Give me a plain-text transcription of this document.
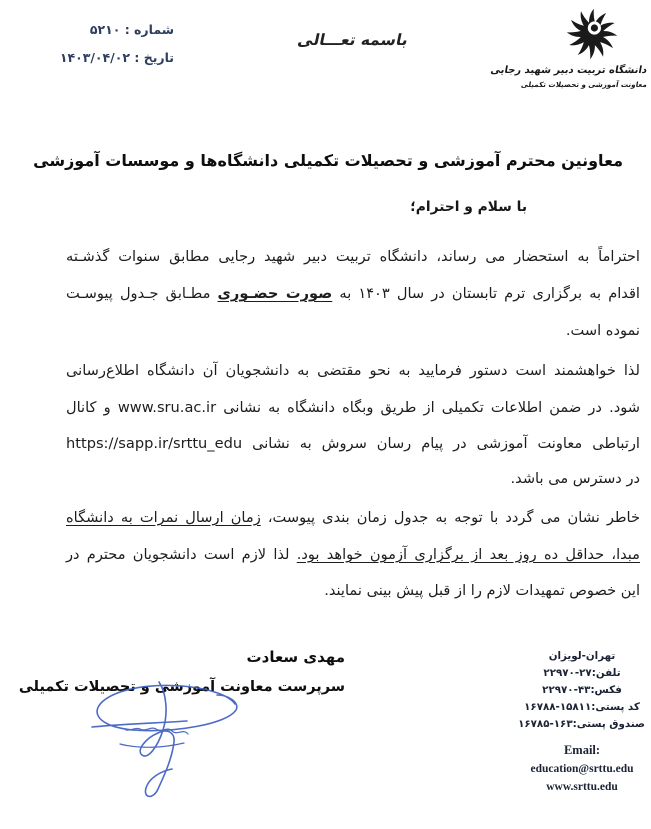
شماره : ۵۲۱۰
تاریخ : ۱۴۰۳/۰۴/۰۲
باسمه تعـــالی
دانشگاه تربیت دبیر شهید رجایی
معاونت آموزشی و تحصیلات تکمیلی
معاونین محترم آموزشی و تحصیلات تکمیلی دانشگاه‌ها و موسسات آموزشی
با سلام و احترام؛
احتراماً به استحضار می رساند، دانشگاه تربیت دبیر شهید رجایی مطابق سنوات گذشـته
اقدام به برگزاری ترم تابستان در سال ۱۴۰۳ به صورت حضـوری مطـابق جـدول پیوسـت
نموده است.
لذا خواهشمند است دستور فرمایید به نحو مقتضی به دانشجویان آن دانشگاه اطلاع‌رسانی
شود. در ضمن اطلاعات تکمیلی از طریق وبگاه دانشگاه به نشانی www.sru.ac.ir و کانال
ارتباطی معاونت آموزشی در پیام رسان سروش به نشانی https://sapp.ir/srttu_edu
در دسترس می باشد.
خاطر نشان می گردد با توجه به جدول زمان بندی پیوست، زمان ارسال نمرات به دانشگاه
مبدا، حداقل ده روز بعد از برگزاری آزمون خواهد بود. لذا لازم است دانشجویان محترم در
این خصوص تمهیدات لازم را از قبل پیش بینی نمایند.
مهدی سعادت
سرپرست معاونت آموزشی و تحصیلات تکمیلی
تهران-لویزان
تلفن:۲۲۹۷۰-۲۷
فکس:۲۲۹۷۰-۴۳
کد پستی:۱۶۷۸۸-۱۵۸۱۱
صندوق پستی:۱۶۷۸۵-۱۶۳
Email:
education@srttu.edu
www.srttu.edu
